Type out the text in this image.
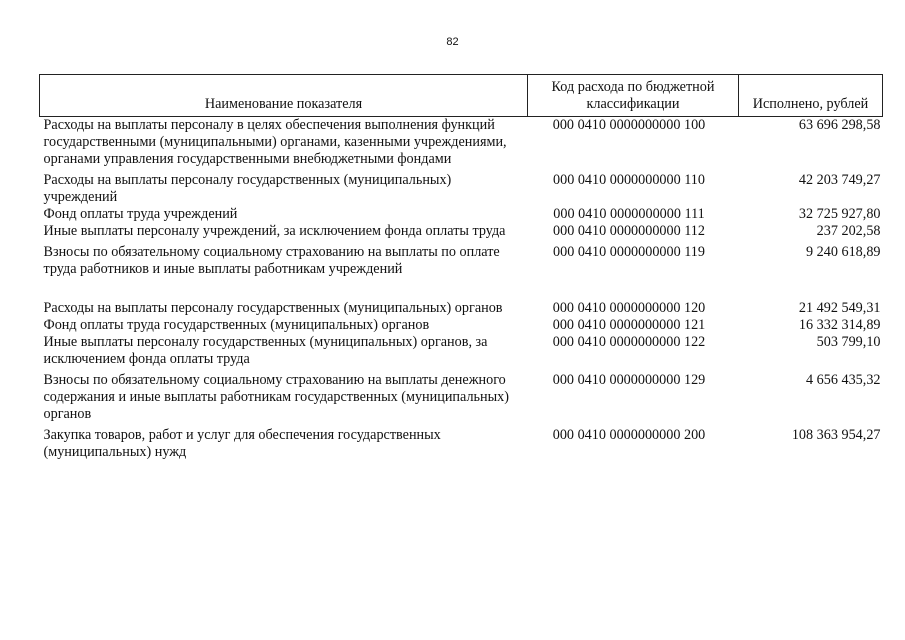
82
Наименование показателя	Код расхода по бюджетной классификации	Исполнено, рублей
Расходы на выплаты персоналу в целях обеспечения выполнения функций государственными (муниципальными) органами, казенными учреждениями, органами управления государственными внебюджетными фондами	000 0410 0000000000 100	63 696 298,58
Расходы на выплаты персоналу государственных (муниципальных) учреждений	000 0410 0000000000 110	42 203 749,27
Фонд оплаты труда учреждений	000 0410 0000000000 111	32 725 927,80
Иные выплаты персоналу учреждений, за исключением фонда оплаты труда	000 0410 0000000000 112	237 202,58
Взносы по обязательному социальному страхованию на выплаты по оплате труда работников и иные выплаты работникам учреждений	000 0410 0000000000 119	9 240 618,89
Расходы на выплаты персоналу государственных (муниципальных) органов	000 0410 0000000000 120	21 492 549,31
Фонд оплаты труда государственных (муниципальных) органов	000 0410 0000000000 121	16 332 314,89
Иные выплаты персоналу государственных (муниципальных) органов, за исключением фонда оплаты труда	000 0410 0000000000 122	503 799,10
Взносы по обязательному социальному страхованию на выплаты денежного содержания и иные выплаты работникам государственных (муниципальных) органов	000 0410 0000000000 129	4 656 435,32
Закупка товаров, работ и услуг для обеспечения государственных (муниципальных) нужд	000 0410 0000000000 200	108 363 954,27
